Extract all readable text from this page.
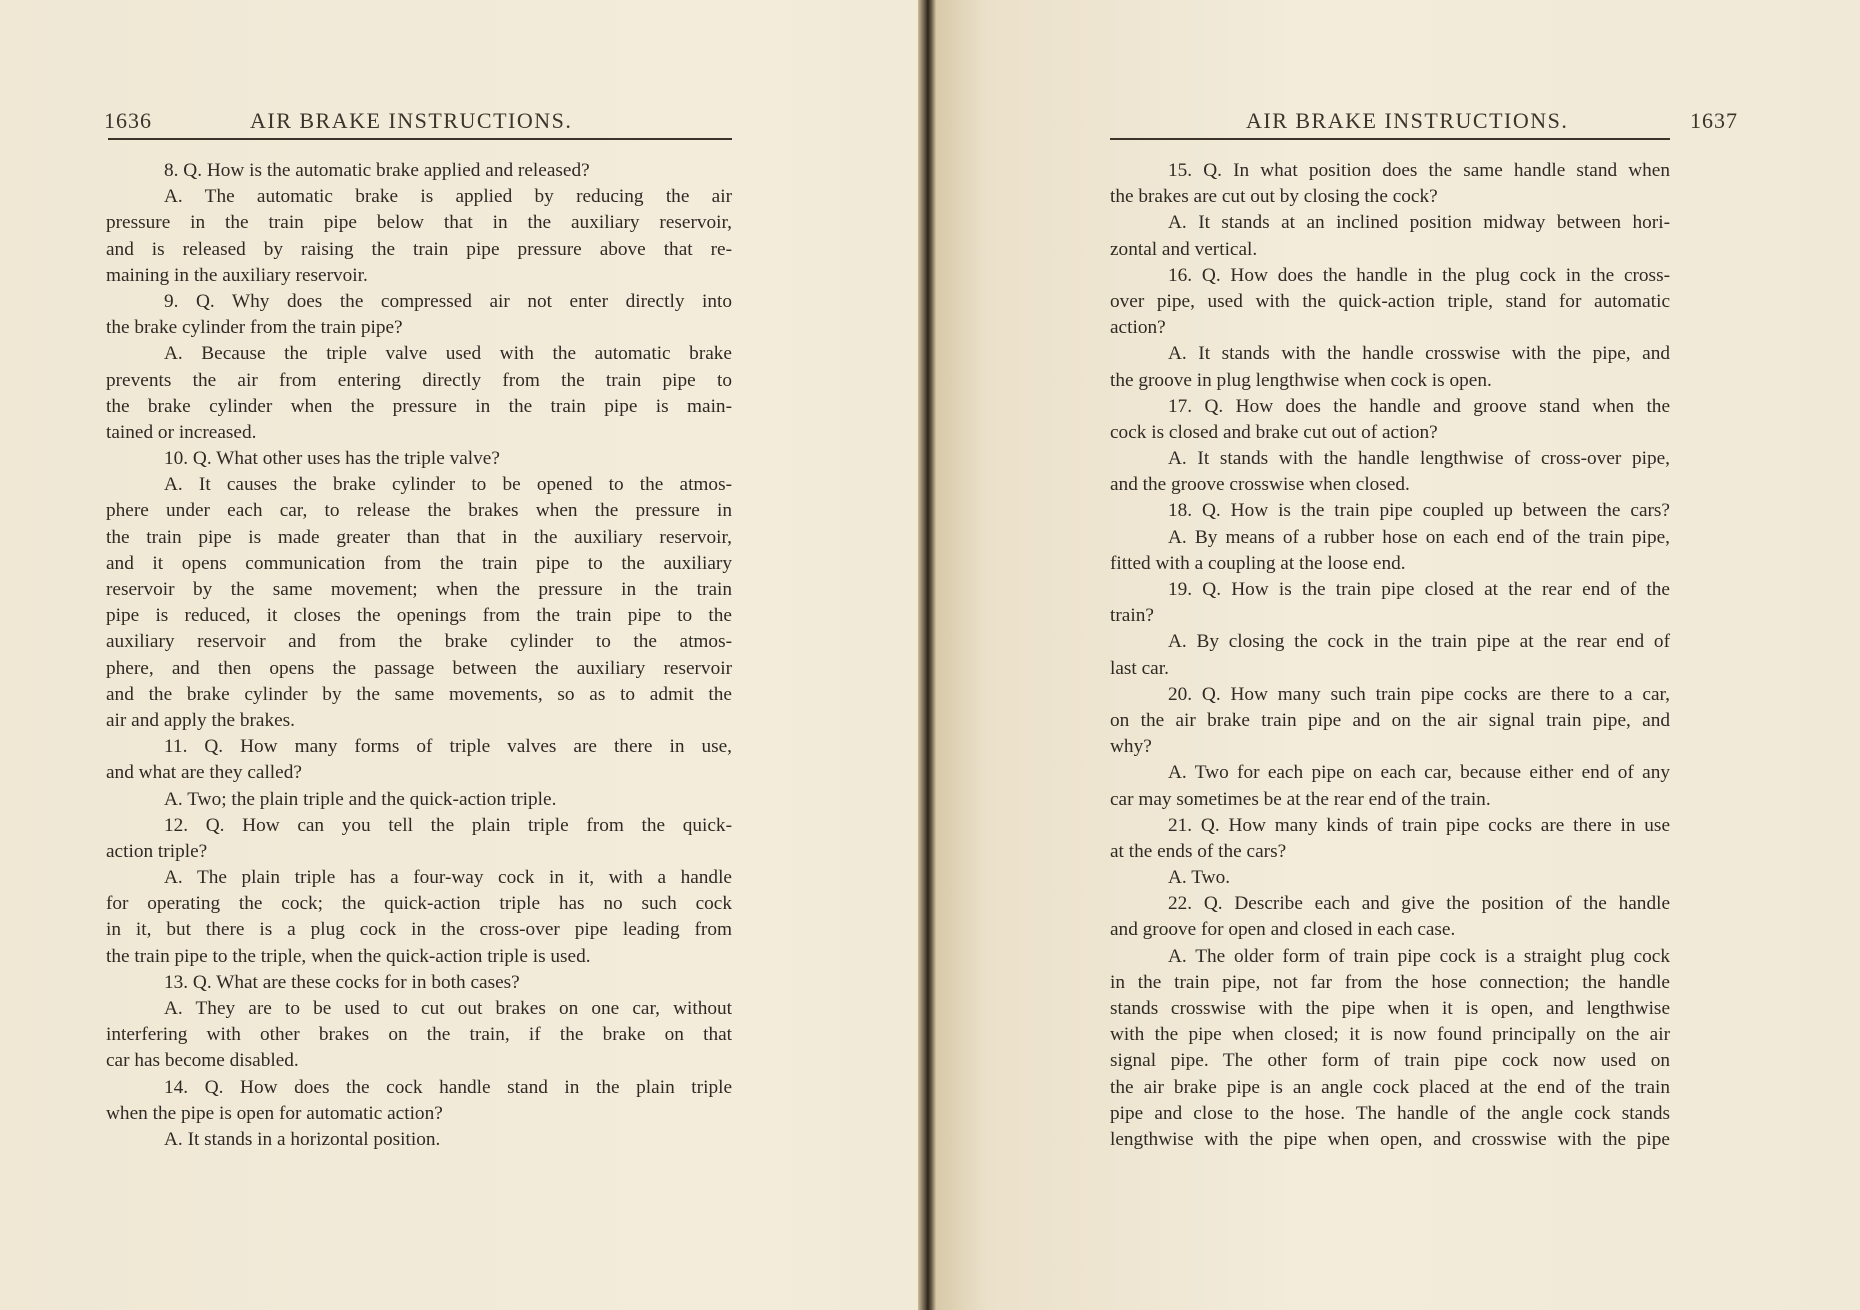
1636	AIR BRAKE INSTRUCTIONS.
8. Q. How is the automatic brake applied and released?
A. The automatic brake is applied by reducing the air
pressure in the train pipe below that in the auxiliary reservoir,
and is released by raising the train pipe pressure above that re-
maining in the auxiliary reservoir.
9. Q. Why does the compressed air not enter directly into
the brake cylinder from the train pipe?
A. Because the triple valve used with the automatic brake
prevents the air from entering directly from the train pipe to
the brake cylinder when the pressure in the train pipe is main-
tained or increased.
10. Q. What other uses has the triple valve?
A. It causes the brake cylinder to be opened to the atmos-
phere under each car, to release the brakes when the pressure in
the train pipe is made greater than that in the auxiliary reservoir,
and it opens communication from the train pipe to the auxiliary
reservoir by the same movement; when the pressure in the train
pipe is reduced, it closes the openings from the train pipe to the
auxiliary reservoir and from the brake cylinder to the atmos-
phere, and then opens the passage between the auxiliary reservoir
and the brake cylinder by the same movements, so as to admit the
air and apply the brakes.
11. Q. How many forms of triple valves are there in use,
and what are they called?
A. Two; the plain triple and the quick-action triple.
12. Q. How can you tell the plain triple from the quick-
action triple?
A. The plain triple has a four-way cock in it, with a handle
for operating the cock; the quick-action triple has no such cock
in it, but there is a plug cock in the cross-over pipe leading from
the train pipe to the triple, when the quick-action triple is used.
13. Q. What are these cocks for in both cases?
A. They are to be used to cut out brakes on one car, without
interfering with other brakes on the train, if the brake on that
car has become disabled.
14. Q. How does the cock handle stand in the plain triple
when the pipe is open for automatic action?
A. It stands in a horizontal position.
AIR BRAKE INSTRUCTIONS.	1637
15. Q. In what position does the same handle stand when
the brakes are cut out by closing the cock?
A. It stands at an inclined position midway between hori-
zontal and vertical.
16. Q. How does the handle in the plug cock in the cross-
over pipe, used with the quick-action triple, stand for automatic
action?
A. It stands with the handle crosswise with the pipe, and
the groove in plug lengthwise when cock is open.
17. Q. How does the handle and groove stand when the
cock is closed and brake cut out of action?
A. It stands with the handle lengthwise of cross-over pipe,
and the groove crosswise when closed.
18. Q. How is the train pipe coupled up between the cars?
A. By means of a rubber hose on each end of the train pipe,
fitted with a coupling at the loose end.
19. Q. How is the train pipe closed at the rear end of the
train?
A. By closing the cock in the train pipe at the rear end of
last car.
20. Q. How many such train pipe cocks are there to a car,
on the air brake train pipe and on the air signal train pipe, and
why?
A. Two for each pipe on each car, because either end of any
car may sometimes be at the rear end of the train.
21. Q. How many kinds of train pipe cocks are there in use
at the ends of the cars?
A. Two.
22. Q. Describe each and give the position of the handle
and groove for open and closed in each case.
A. The older form of train pipe cock is a straight plug cock
in the train pipe, not far from the hose connection; the handle
stands crosswise with the pipe when it is open, and lengthwise
with the pipe when closed; it is now found principally on the air
signal pipe. The other form of train pipe cock now used on
the air brake pipe is an angle cock placed at the end of the train
pipe and close to the hose. The handle of the angle cock stands
lengthwise with the pipe when open, and crosswise with the pipe
